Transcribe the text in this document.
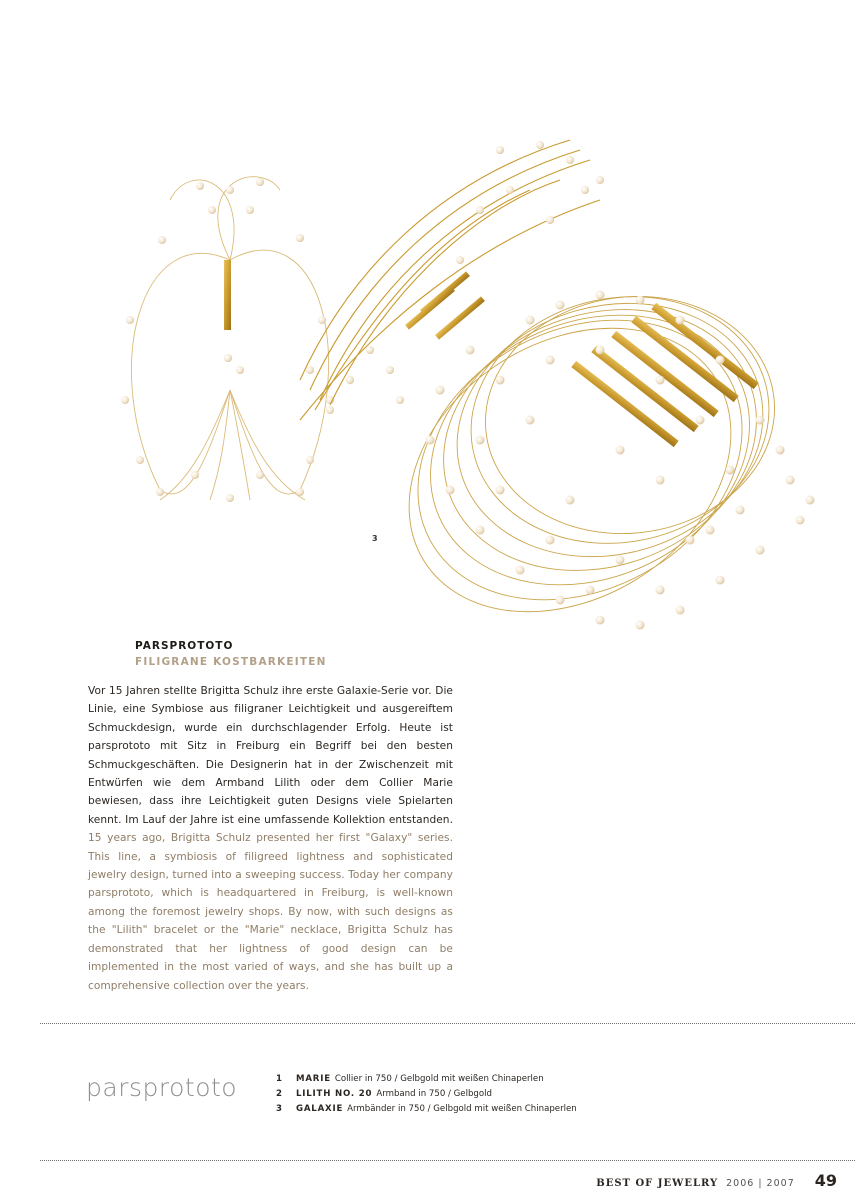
3
PARSPROTOTO
FILIGRANE KOSTBARKEITEN
Vor 15 Jahren stellte Brigitta Schulz ihre erste Galaxie-Serie vor. Die Linie, eine Symbiose aus filigraner Leichtigkeit und ausgereiftem Schmuckdesign, wurde ein durchschlagender Erfolg. Heute ist parsprototo mit Sitz in Freiburg ein Begriff bei den besten Schmuckgeschäften. Die Designerin hat in der Zwischenzeit mit Entwürfen wie dem Armband Lilith oder dem Collier Marie bewiesen, dass ihre Leichtigkeit guten Designs viele Spielarten kennt. Im Lauf der Jahre ist eine umfassende Kollektion entstanden. 15 years ago, Brigitta Schulz presented her first "Galaxy" series. This line, a symbiosis of filigreed lightness and sophisticated jewelry design, turned into a sweeping success. Today her company parsprototo, which is headquartered in Freiburg, is well-known among the foremost jewelry shops. By now, with such designs as the "Lilith" bracelet or the "Marie" necklace, Brigitta Schulz has demonstrated that her lightness of good design can be implemented in the most varied of ways, and she has built up a comprehensive collection over the years.
parsprototo	1	MARIE Collier in 750 / Gelbgold mit weißen Chinaperlen
2	LILITH NO. 20 Armband in 750 / Gelbgold
3	GALAXIE Armbänder in 750 / Gelbgold mit weißen Chinaperlen
BEST OF JEWELRY 2006 | 2007 49
